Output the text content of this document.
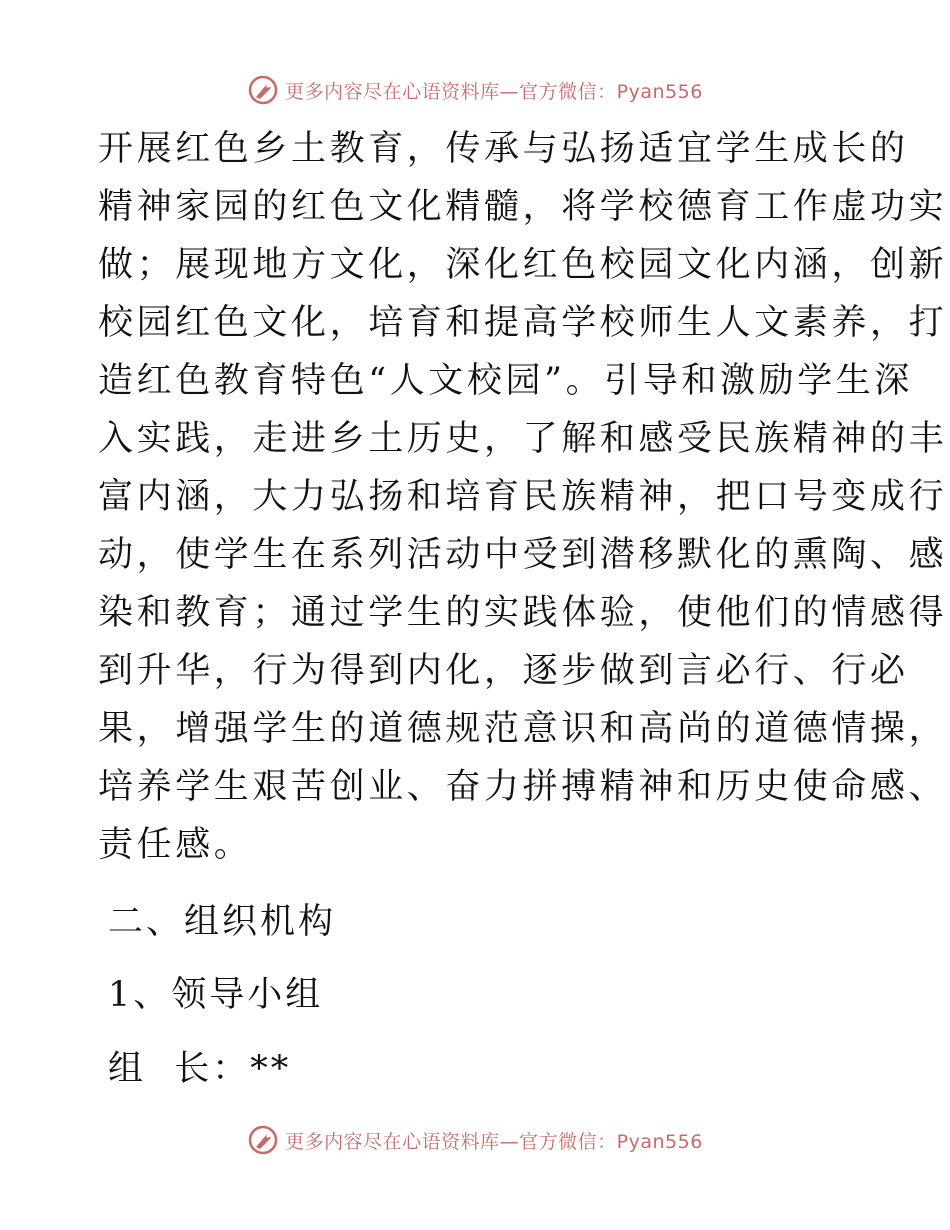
更多内容尽在心语资料库—官方微信：Pyan556
开展红色乡土教育，传承与弘扬适宜学生成长的
精神家园的红色文化精髓，将学校德育工作虚功实
做；展现地方文化，深化红色校园文化内涵，创新
校园红色文化，培育和提高学校师生人文素养，打
造红色教育特色“人文校园”。引导和激励学生深
入实践，走进乡土历史，了解和感受民族精神的丰
富内涵，大力弘扬和培育民族精神，把口号变成行
动，使学生在系列活动中受到潜移默化的熏陶、感
染和教育；通过学生的实践体验，使他们的情感得
到升华，行为得到内化，逐步做到言必行、行必
果，增强学生的道德规范意识和高尚的道德情操，
培养学生艰苦创业、奋力拼搏精神和历史使命感、
责任感。
二、组织机构
1、领导小组
组  长：**
更多内容尽在心语资料库—官方微信：Pyan556
